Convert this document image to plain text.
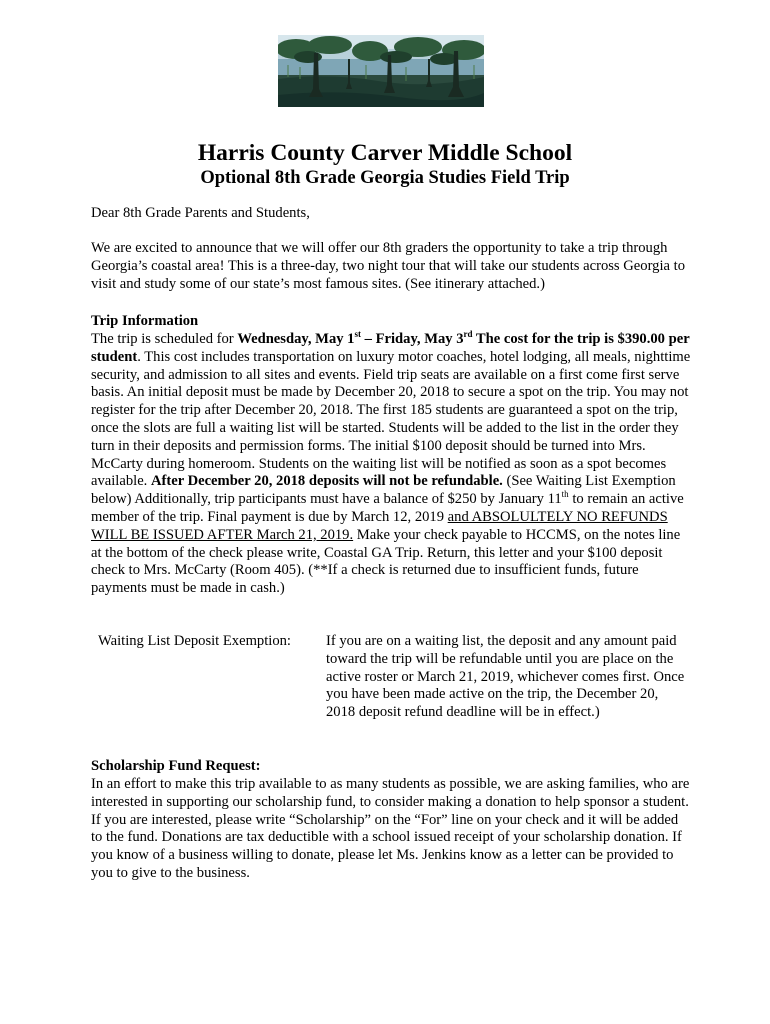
Harris County Carver Middle School
Optional 8th Grade Georgia Studies Field Trip
Dear 8th Grade Parents and Students,
We are excited to announce that we will offer our 8th graders the opportunity to take a trip through Georgia’s coastal area! This is a three-day, two night tour that will take our students across Georgia to visit and study some of our state’s most famous sites. (See itinerary attached.)
Trip Information
The trip is scheduled for Wednesday, May 1st – Friday, May 3rd The cost for the trip is $390.00 per student. This cost includes transportation on luxury motor coaches, hotel lodging, all meals, nighttime security, and admission to all sites and events. Field trip seats are available on a first come first serve basis. An initial deposit must be made by December 20, 2018 to secure a spot on the trip. You may not register for the trip after December 20, 2018. The first 185 students are guaranteed a spot on the trip, once the slots are full a waiting list will be started. Students will be added to the list in the order they turn in their deposits and permission forms. The initial $100 deposit should be turned into Mrs. McCarty during homeroom. Students on the waiting list will be notified as soon as a spot becomes available. After December 20, 2018 deposits will not be refundable. (See Waiting List Exemption below) Additionally, trip participants must have a balance of $250 by January 11th to remain an active member of the trip. Final payment is due by March 12, 2019 and ABSOLULTELY NO REFUNDS WILL BE ISSUED AFTER March 21, 2019. Make your check payable to HCCMS, on the notes line at the bottom of the check please write, Coastal GA Trip. Return, this letter and your $100 deposit check to Mrs. McCarty (Room 405). (**If a check is returned due to insufficient funds, future payments must be made in cash.)
Waiting List Deposit Exemption: If you are on a waiting list, the deposit and any amount paid toward the trip will be refundable until you are place on the active roster or March 21, 2019, whichever comes first. Once you have been made active on the trip, the December 20, 2018 deposit refund deadline will be in effect.)
Scholarship Fund Request:
In an effort to make this trip available to as many students as possible, we are asking families, who are interested in supporting our scholarship fund, to consider making a donation to help sponsor a student. If you are interested, please write “Scholarship” on the “For” line on your check and it will be added to the fund. Donations are tax deductible with a school issued receipt of your scholarship donation. If you know of a business willing to donate, please let Ms. Jenkins know as a letter can be provided to you to give to the business.
